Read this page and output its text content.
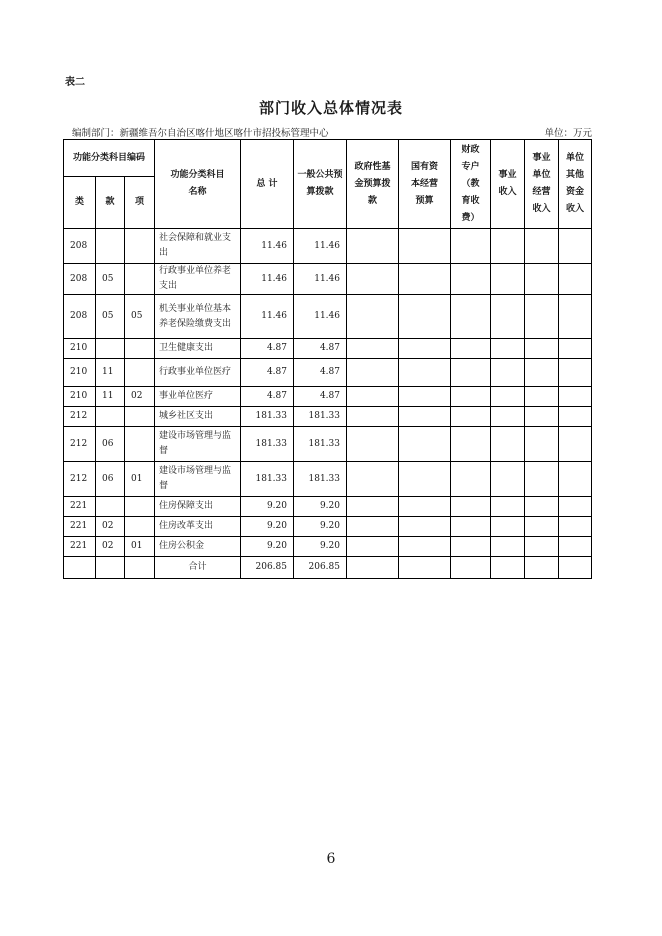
表二
部门收入总体情况表
编制部门：新疆维吾尔自治区喀什地区喀什市招投标管理中心	单位：万元
功能分类科目编码			功能分类科目名称	总 计	一般公共预算拨款	政府性基金预算拨款	国有资本经营预算	财政专户（教育收费）	事业收入	事业单位经营收入	单位其他资金收入
类	款	项									
208			社会保障和就业支出	11.46	11.46						
208	05		行政事业单位养老支出	11.46	11.46						
208	05	05	机关事业单位基本养老保险缴费支出	11.46	11.46						
210			卫生健康支出	4.87	4.87						
210	11		行政事业单位医疗	4.87	4.87						
210	11	02	事业单位医疗	4.87	4.87						
212			城乡社区支出	181.33	181.33						
212	06		建设市场管理与监督	181.33	181.33						
212	06	01	建设市场管理与监督	181.33	181.33						
221			住房保障支出	9.20	9.20						
221	02		住房改革支出	9.20	9.20						
221	02	01	住房公积金	9.20	9.20						
			合计	206.85	206.85						
6
